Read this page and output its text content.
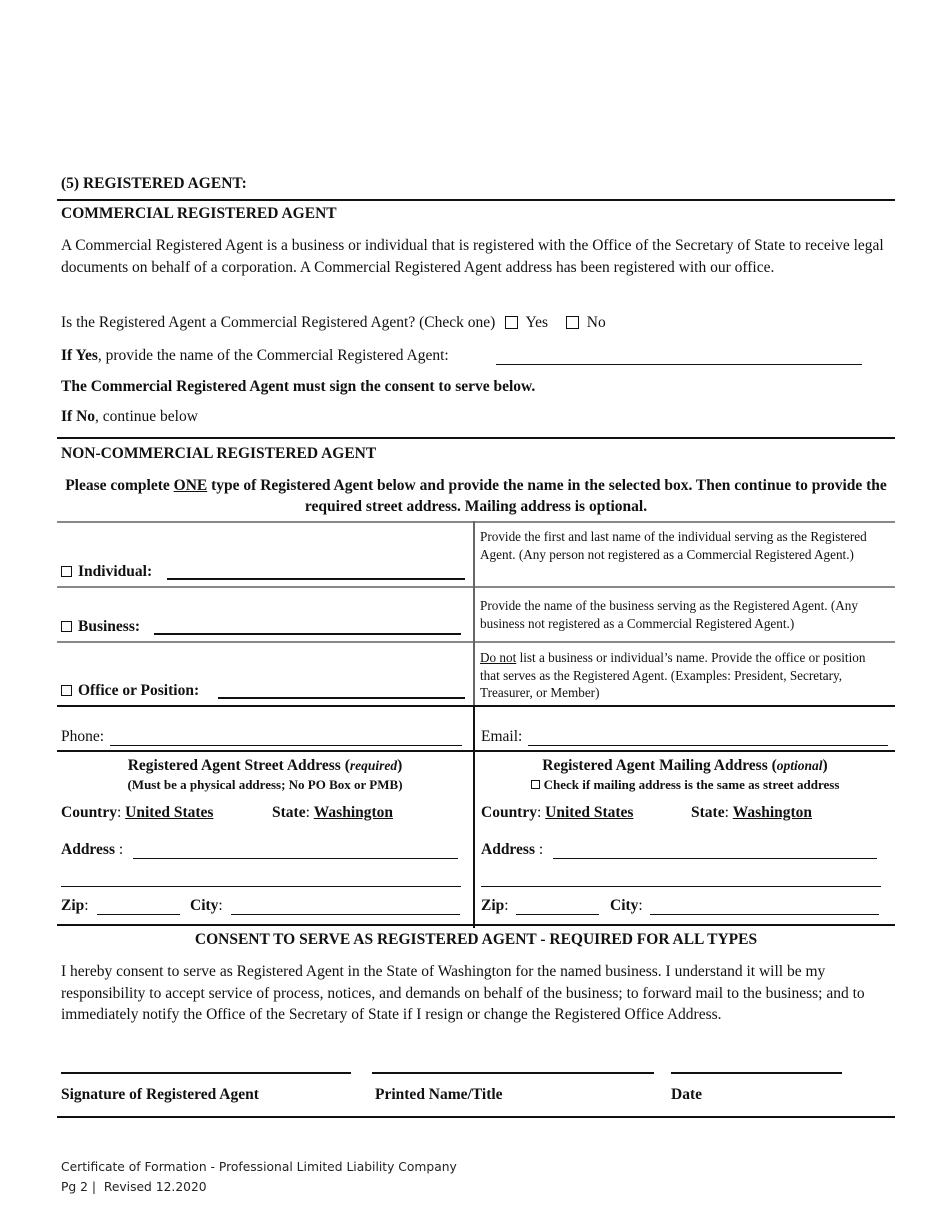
(5) REGISTERED AGENT:
COMMERCIAL REGISTERED AGENT
A Commercial Registered Agent is a business or individual that is registered with the Office of the Secretary of State to receive legal documents on behalf of a corporation. A Commercial Registered Agent address has been registered with our office.
Is the Registered Agent a Commercial Registered Agent? (Check one) Yes	No
If Yes, provide the name of the Commercial Registered Agent:
The Commercial Registered Agent must sign the consent to serve below.
If No, continue below
NON-COMMERCIAL REGISTERED AGENT
Please complete ONE type of Registered Agent below and provide the name in the selected box. Then continue to provide the required street address. Mailing address is optional.
Individual:
Provide the first and last name of the individual serving as the Registered Agent. (Any person not registered as a Commercial Registered Agent.)
Business:
Provide the name of the business serving as the Registered Agent. (Any business not registered as a Commercial Registered Agent.)
Office or Position:
Do not list a business or individual’s name. Provide the office or position that serves as the Registered Agent. (Examples: President, Secretary, Treasurer, or Member)
Phone:	Email:
Registered Agent Street Address (required)
(Must be a physical address; No PO Box or PMB)
Country: United States	State: Washington
Address :
Zip:	City:
Registered Agent Mailing Address (optional)
Check if mailing address is the same as street address
Country: United States	State: Washington
Address :
Zip:	City:
CONSENT TO SERVE AS REGISTERED AGENT - REQUIRED FOR ALL TYPES
I hereby consent to serve as Registered Agent in the State of Washington for the named business. I understand it will be my responsibility to accept service of process, notices, and demands on behalf of the business; to forward mail to the business; and to immediately notify the Office of the Secretary of State if I resign or change the Registered Office Address.
Signature of Registered Agent	Printed Name/Title	Date
Certificate of Formation - Professional Limited Liability Company
Pg 2 |  Revised 12.2020
